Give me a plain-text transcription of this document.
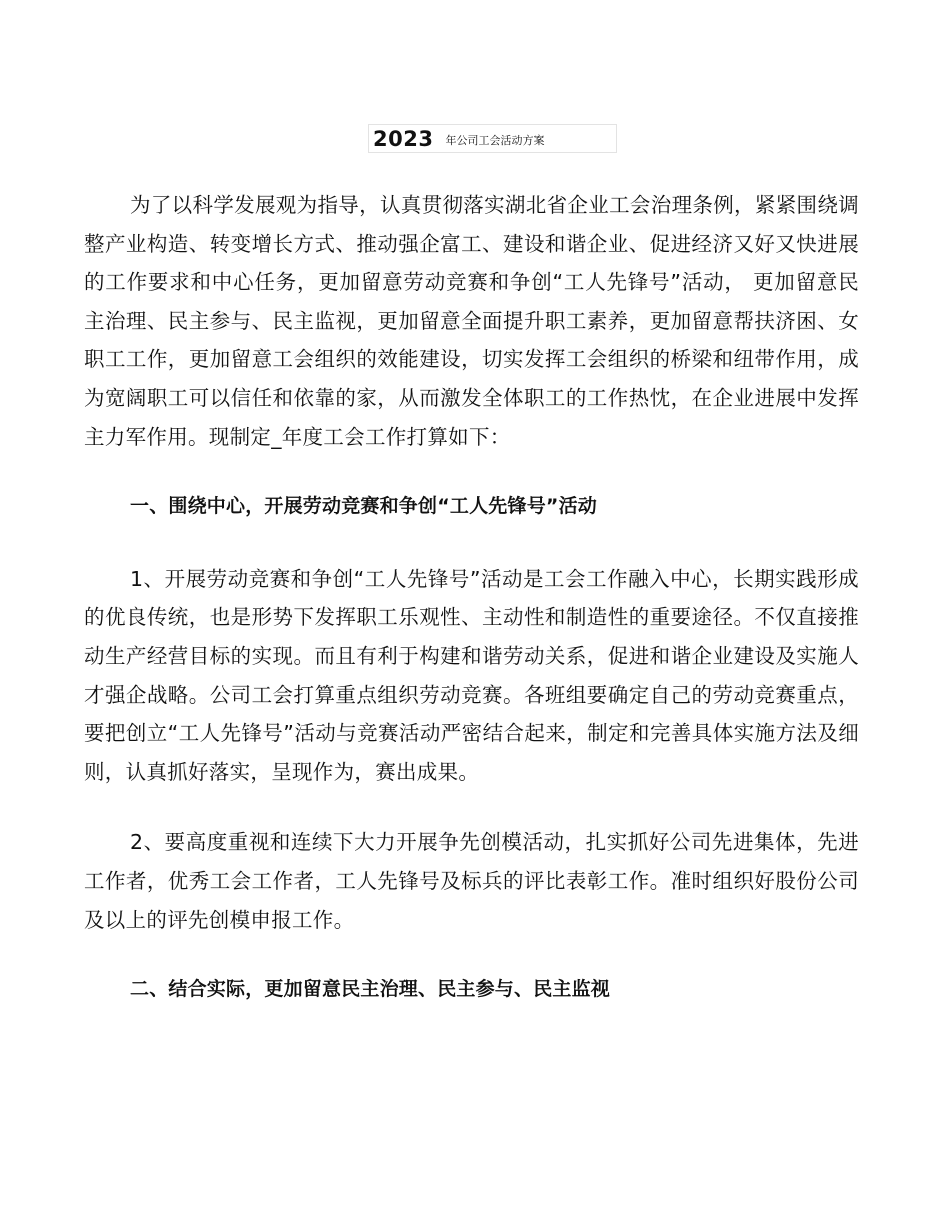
2023 年公司工会活动方案

为了以科学发展观为指导，认真贯彻落实湖北省企业工会治理条例，紧紧围绕调整产业构造、转变增长方式、推动强企富工、建设和谐企业、促进经济又好又快进展的工作要求和中心任务，更加留意劳动竞赛和争创“工人先锋号”活动， 更加留意民主治理、民主参与、民主监视，更加留意全面提升职工素养，更加留意帮扶济困、女职工工作，更加留意工会组织的效能建设，切实发挥工会组织的桥梁和纽带作用，成为宽阔职工可以信任和依靠的家，从而激发全体职工的工作热忱，在企业进展中发挥主力军作用。现制定_年度工会工作打算如下：

一、围绕中心，开展劳动竞赛和争创“工人先锋号”活动

1、开展劳动竞赛和争创“工人先锋号”活动是工会工作融入中心，长期实践形成的优良传统，也是形势下发挥职工乐观性、主动性和制造性的重要途径。不仅直接推动生产经营目标的实现。而且有利于构建和谐劳动关系，促进和谐企业建设及实施人才强企战略。公司工会打算重点组织劳动竞赛。各班组要确定自己的劳动竞赛重点，要把创立“工人先锋号”活动与竞赛活动严密结合起来，制定和完善具体实施方法及细则，认真抓好落实，呈现作为，赛出成果。

2、要高度重视和连续下大力开展争先创模活动，扎实抓好公司先进集体，先进工作者，优秀工会工作者，工人先锋号及标兵的评比表彰工作。准时组织好股份公司及以上的评先创模申报工作。

二、结合实际，更加留意民主治理、民主参与、民主监视
